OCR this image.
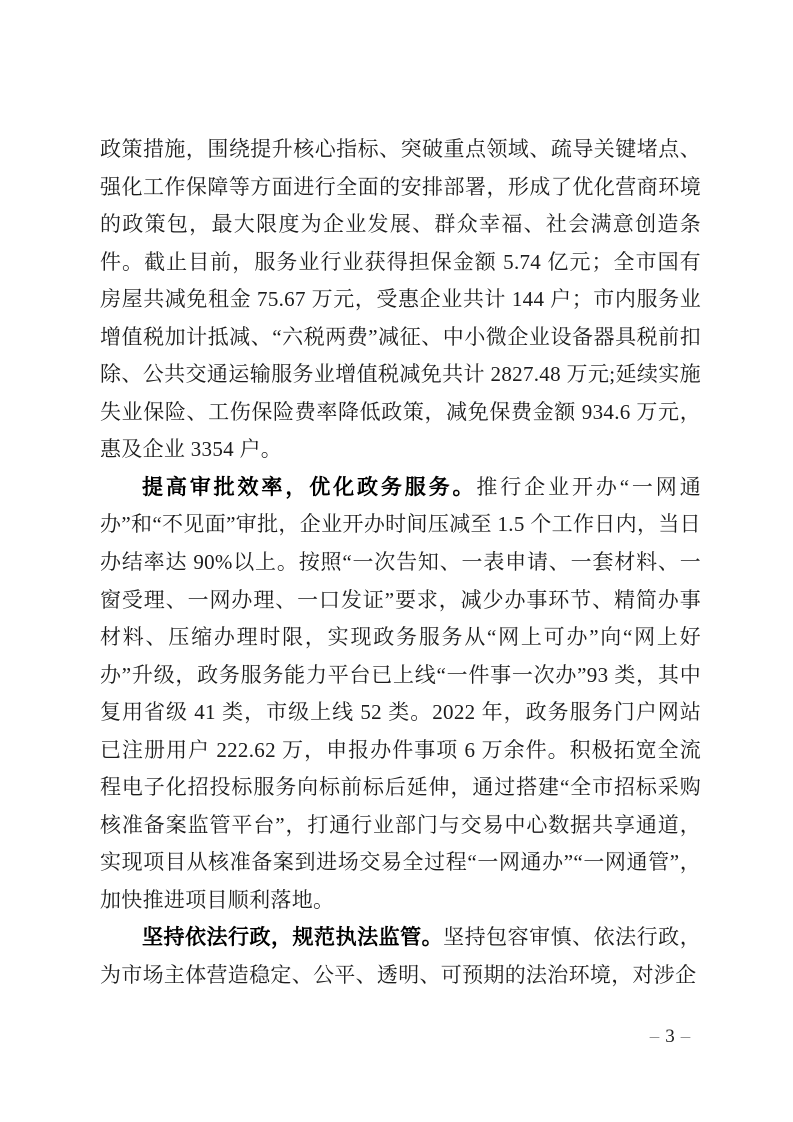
政策措施，围绕提升核心指标、突破重点领域、疏导关键堵点、强化工作保障等方面进行全面的安排部署，形成了优化营商环境的政策包，最大限度为企业发展、群众幸福、社会满意创造条件。截止目前，服务业行业获得担保金额 5.74 亿元；全市国有房屋共减免租金 75.67 万元，受惠企业共计 144 户；市内服务业增值税加计抵减、“六税两费”减征、中小微企业设备器具税前扣除、公共交通运输服务业增值税减免共计 2827.48 万元;延续实施失业保险、工伤保险费率降低政策，减免保费金额 934.6 万元，惠及企业 3354 户。

提高审批效率，优化政务服务。推行企业开办“一网通办”和“不见面”审批，企业开办时间压减至 1.5 个工作日内，当日办结率达 90%以上。按照“一次告知、一表申请、一套材料、一窗受理、一网办理、一口发证”要求，减少办事环节、精简办事材料、压缩办理时限，实现政务服务从“网上可办”向“网上好办”升级，政务服务能力平台已上线“一件事一次办”93 类，其中复用省级 41 类，市级上线 52 类。2022 年，政务服务门户网站已注册用户 222.62 万，申报办件事项 6 万余件。积极拓宽全流程电子化招投标服务向标前标后延伸，通过搭建“全市招标采购核准备案监管平台”，打通行业部门与交易中心数据共享通道，实现项目从核准备案到进场交易全过程“一网通办”“一网通管”，加快推进项目顺利落地。

坚持依法行政，规范执法监管。坚持包容审慎、依法行政，为市场主体营造稳定、公平、透明、可预期的法治环境，对涉企

– 3 –
